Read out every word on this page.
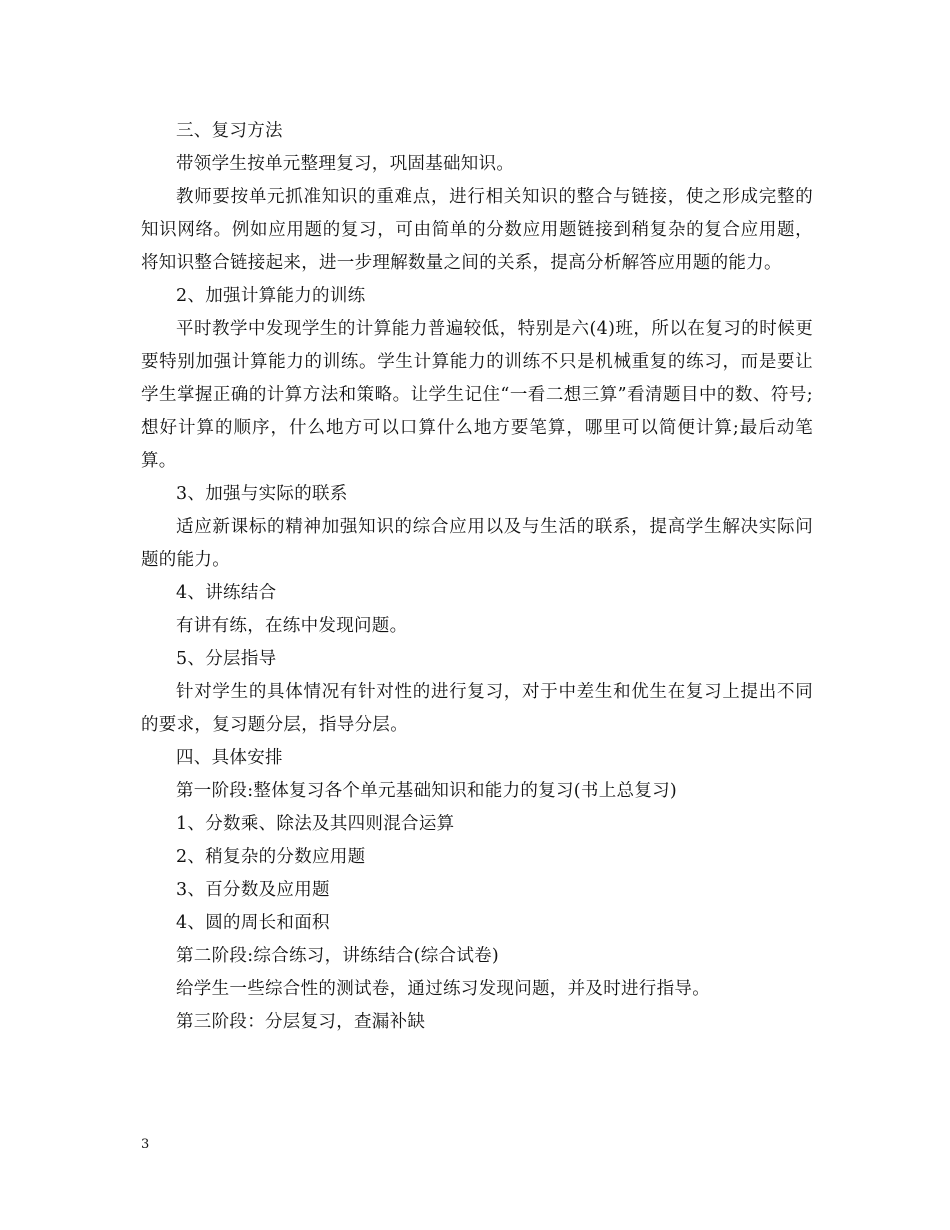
三、复习方法

带领学生按单元整理复习，巩固基础知识。

教师要按单元抓准知识的重难点，进行相关知识的整合与链接，使之形成完整的知识网络。例如应用题的复习，可由简单的分数应用题链接到稍复杂的复合应用题，将知识整合链接起来，进一步理解数量之间的关系，提高分析解答应用题的能力。

2、加强计算能力的训练

平时教学中发现学生的计算能力普遍较低，特别是六(4)班，所以在复习的时候更要特别加强计算能力的训练。学生计算能力的训练不只是机械重复的练习，而是要让学生掌握正确的计算方法和策略。让学生记住“一看二想三算”看清题目中的数、符号;想好计算的顺序，什么地方可以口算什么地方要笔算，哪里可以简便计算;最后动笔算。

3、加强与实际的联系

适应新课标的精神加强知识的综合应用以及与生活的联系，提高学生解决实际问题的能力。

4、讲练结合

有讲有练，在练中发现问题。

5、分层指导

针对学生的具体情况有针对性的进行复习，对于中差生和优生在复习上提出不同的要求，复习题分层，指导分层。

四、具体安排

第一阶段:整体复习各个单元基础知识和能力的复习(书上总复习)

1、分数乘、除法及其四则混合运算

2、稍复杂的分数应用题

3、百分数及应用题

4、圆的周长和面积

第二阶段:综合练习，讲练结合(综合试卷)

给学生一些综合性的测试卷，通过练习发现问题，并及时进行指导。

第三阶段：分层复习，查漏补缺

3
